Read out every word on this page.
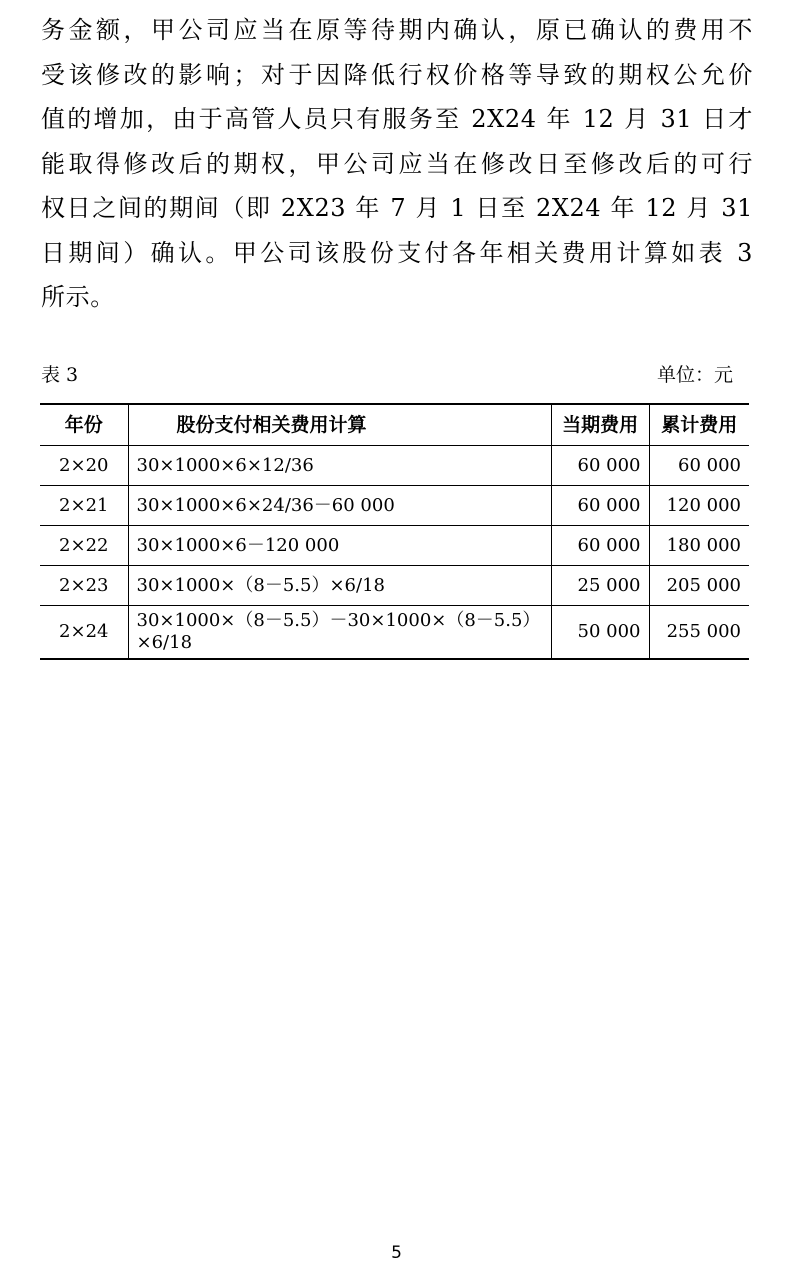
务金额，甲公司应当在原等待期内确认，原已确认的费用不
受该修改的影响；对于因降低行权价格等导致的期权公允价
值的增加，由于高管人员只有服务至 2X24 年 12 月 31 日才
能取得修改后的期权，甲公司应当在修改日至修改后的可行
权日之间的期间（即 2X23 年 7 月 1 日至 2X24 年 12 月 31
日期间）确认。甲公司该股份支付各年相关费用计算如表 3
所示。
表 3	单位：元
年份	股份支付相关费用计算	当期费用	累计费用
2×20	30×1000×6×12/36	60 000	60 000
2×21	30×1000×6×24/36－60 000	60 000	120 000
2×22	30×1000×6－120 000	60 000	180 000
2×23	30×1000×（8－5.5）×6/18	25 000	205 000
2×24	30×1000×（8－5.5）－30×1000×（8－5.5）
×6/18	50 000	255 000
5
